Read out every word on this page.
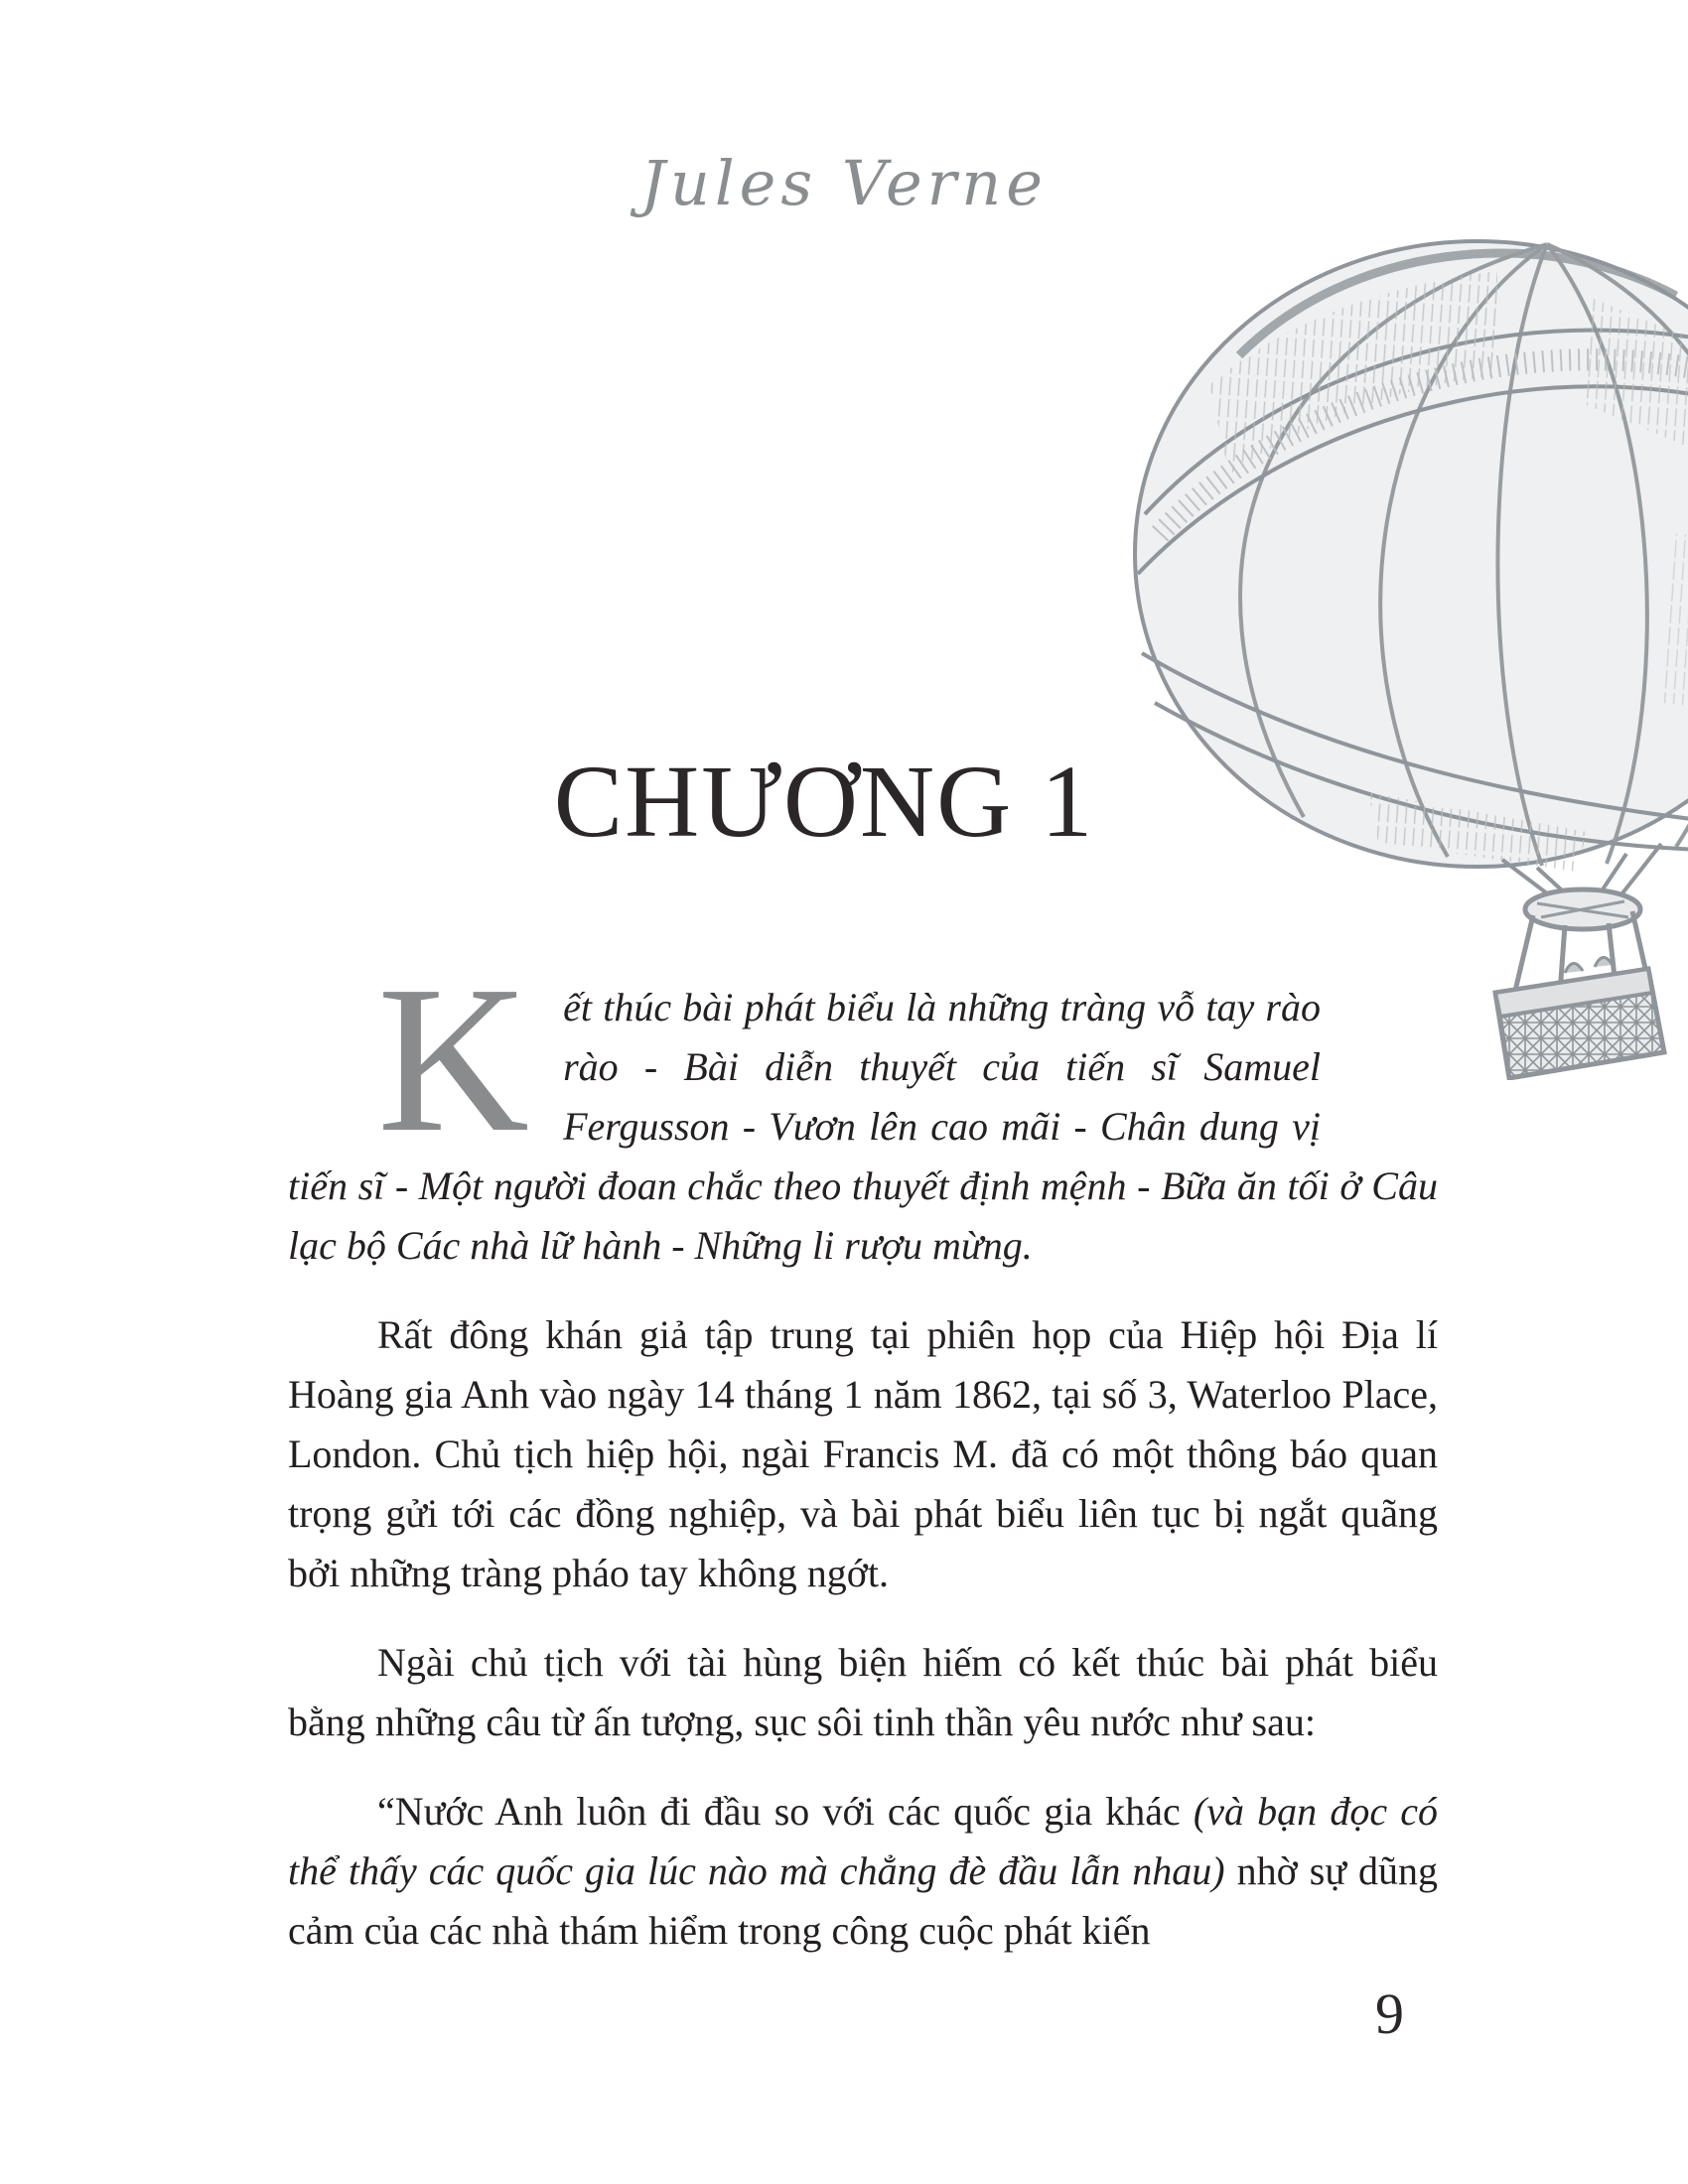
Jules Verne
CHƯƠNG 1
K ết thúc bài phát biểu là những tràng vỗ tay rào rào - Bài diễn thuyết của tiến sĩ Samuel Fergusson - Vươn lên cao mãi - Chân dung vị tiến sĩ - Một người đoan chắc theo thuyết định mệnh - Bữa ăn tối ở Câu lạc bộ Các nhà lữ hành - Những li rượu mừng.

Rất đông khán giả tập trung tại phiên họp của Hiệp hội Địa lí Hoàng gia Anh vào ngày 14 tháng 1 năm 1862, tại số 3, Waterloo Place, London. Chủ tịch hiệp hội, ngài Francis M. đã có một thông báo quan trọng gửi tới các đồng nghiệp, và bài phát biểu liên tục bị ngắt quãng bởi những tràng pháo tay không ngớt.

Ngài chủ tịch với tài hùng biện hiếm có kết thúc bài phát biểu bằng những câu từ ấn tượng, sục sôi tinh thần yêu nước như sau:

“Nước Anh luôn đi đầu so với các quốc gia khác (và bạn đọc có thể thấy các quốc gia lúc nào mà chẳng đè đầu lẫn nhau) nhờ sự dũng cảm của các nhà thám hiểm trong công cuộc phát kiến

9
